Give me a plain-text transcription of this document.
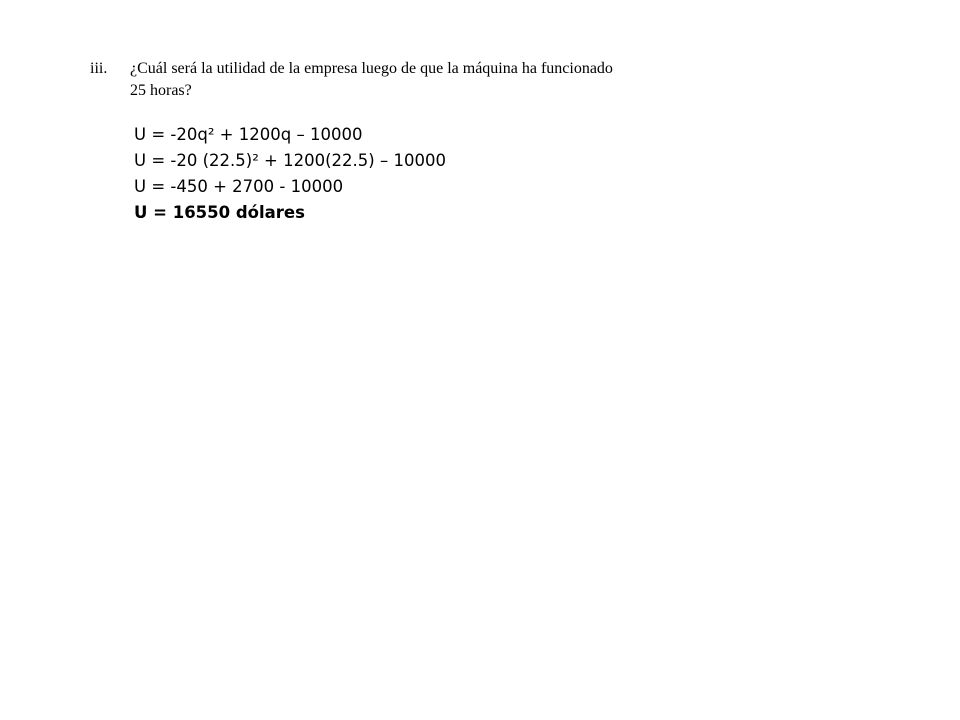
iii. ¿Cuál será la utilidad de la empresa luego de que la máquina ha funcionado
25 horas?
U = -20q² + 1200q – 10000
U = -20 (22.5)² + 1200(22.5) – 10000
U = -450 + 2700 - 10000
U = 16550 dólares
